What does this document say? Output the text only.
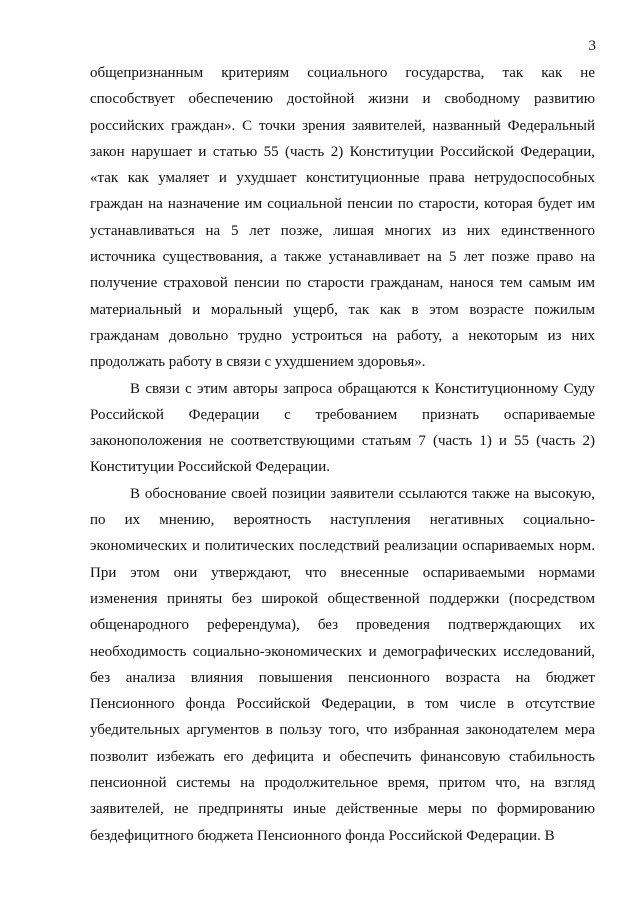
3

общепризнанным критериям социального государства, так как не способствует обеспечению достойной жизни и свободному развитию российских граждан». С точки зрения заявителей, названный Федеральный закон нарушает и статью 55 (часть 2) Конституции Российской Федерации, «так как умаляет и ухудшает конституционные права нетрудоспособных граждан на назначение им социальной пенсии по старости, которая будет им устанавливаться на 5 лет позже, лишая многих из них единственного источника существования, а также устанавливает на 5 лет позже право на получение страховой пенсии по старости гражданам, нанося тем самым им материальный и моральный ущерб, так как в этом возрасте пожилым гражданам довольно трудно устроиться на работу, а некоторым из них продолжать работу в связи с ухудшением здоровья».

В связи с этим авторы запроса обращаются к Конституционному Суду Российской Федерации с требованием признать оспариваемые законоположения не соответствующими статьям 7 (часть 1) и 55 (часть 2) Конституции Российской Федерации.

В обоснование своей позиции заявители ссылаются также на высокую, по их мнению, вероятность наступления негативных социально-экономических и политических последствий реализации оспариваемых норм. При этом они утверждают, что внесенные оспариваемыми нормами изменения приняты без широкой общественной поддержки (посредством общенародного референдума), без проведения подтверждающих их необходимость социально-экономических и демографических исследований, без анализа влияния повышения пенсионного возраста на бюджет Пенсионного фонда Российской Федерации, в том числе в отсутствие убедительных аргументов в пользу того, что избранная законодателем мера позволит избежать его дефицита и обеспечить финансовую стабильность пенсионной системы на продолжительное время, притом что, на взгляд заявителей, не предприняты иные действенные меры по формированию бездефицитного бюджета Пенсионного фонда Российской Федерации. В
